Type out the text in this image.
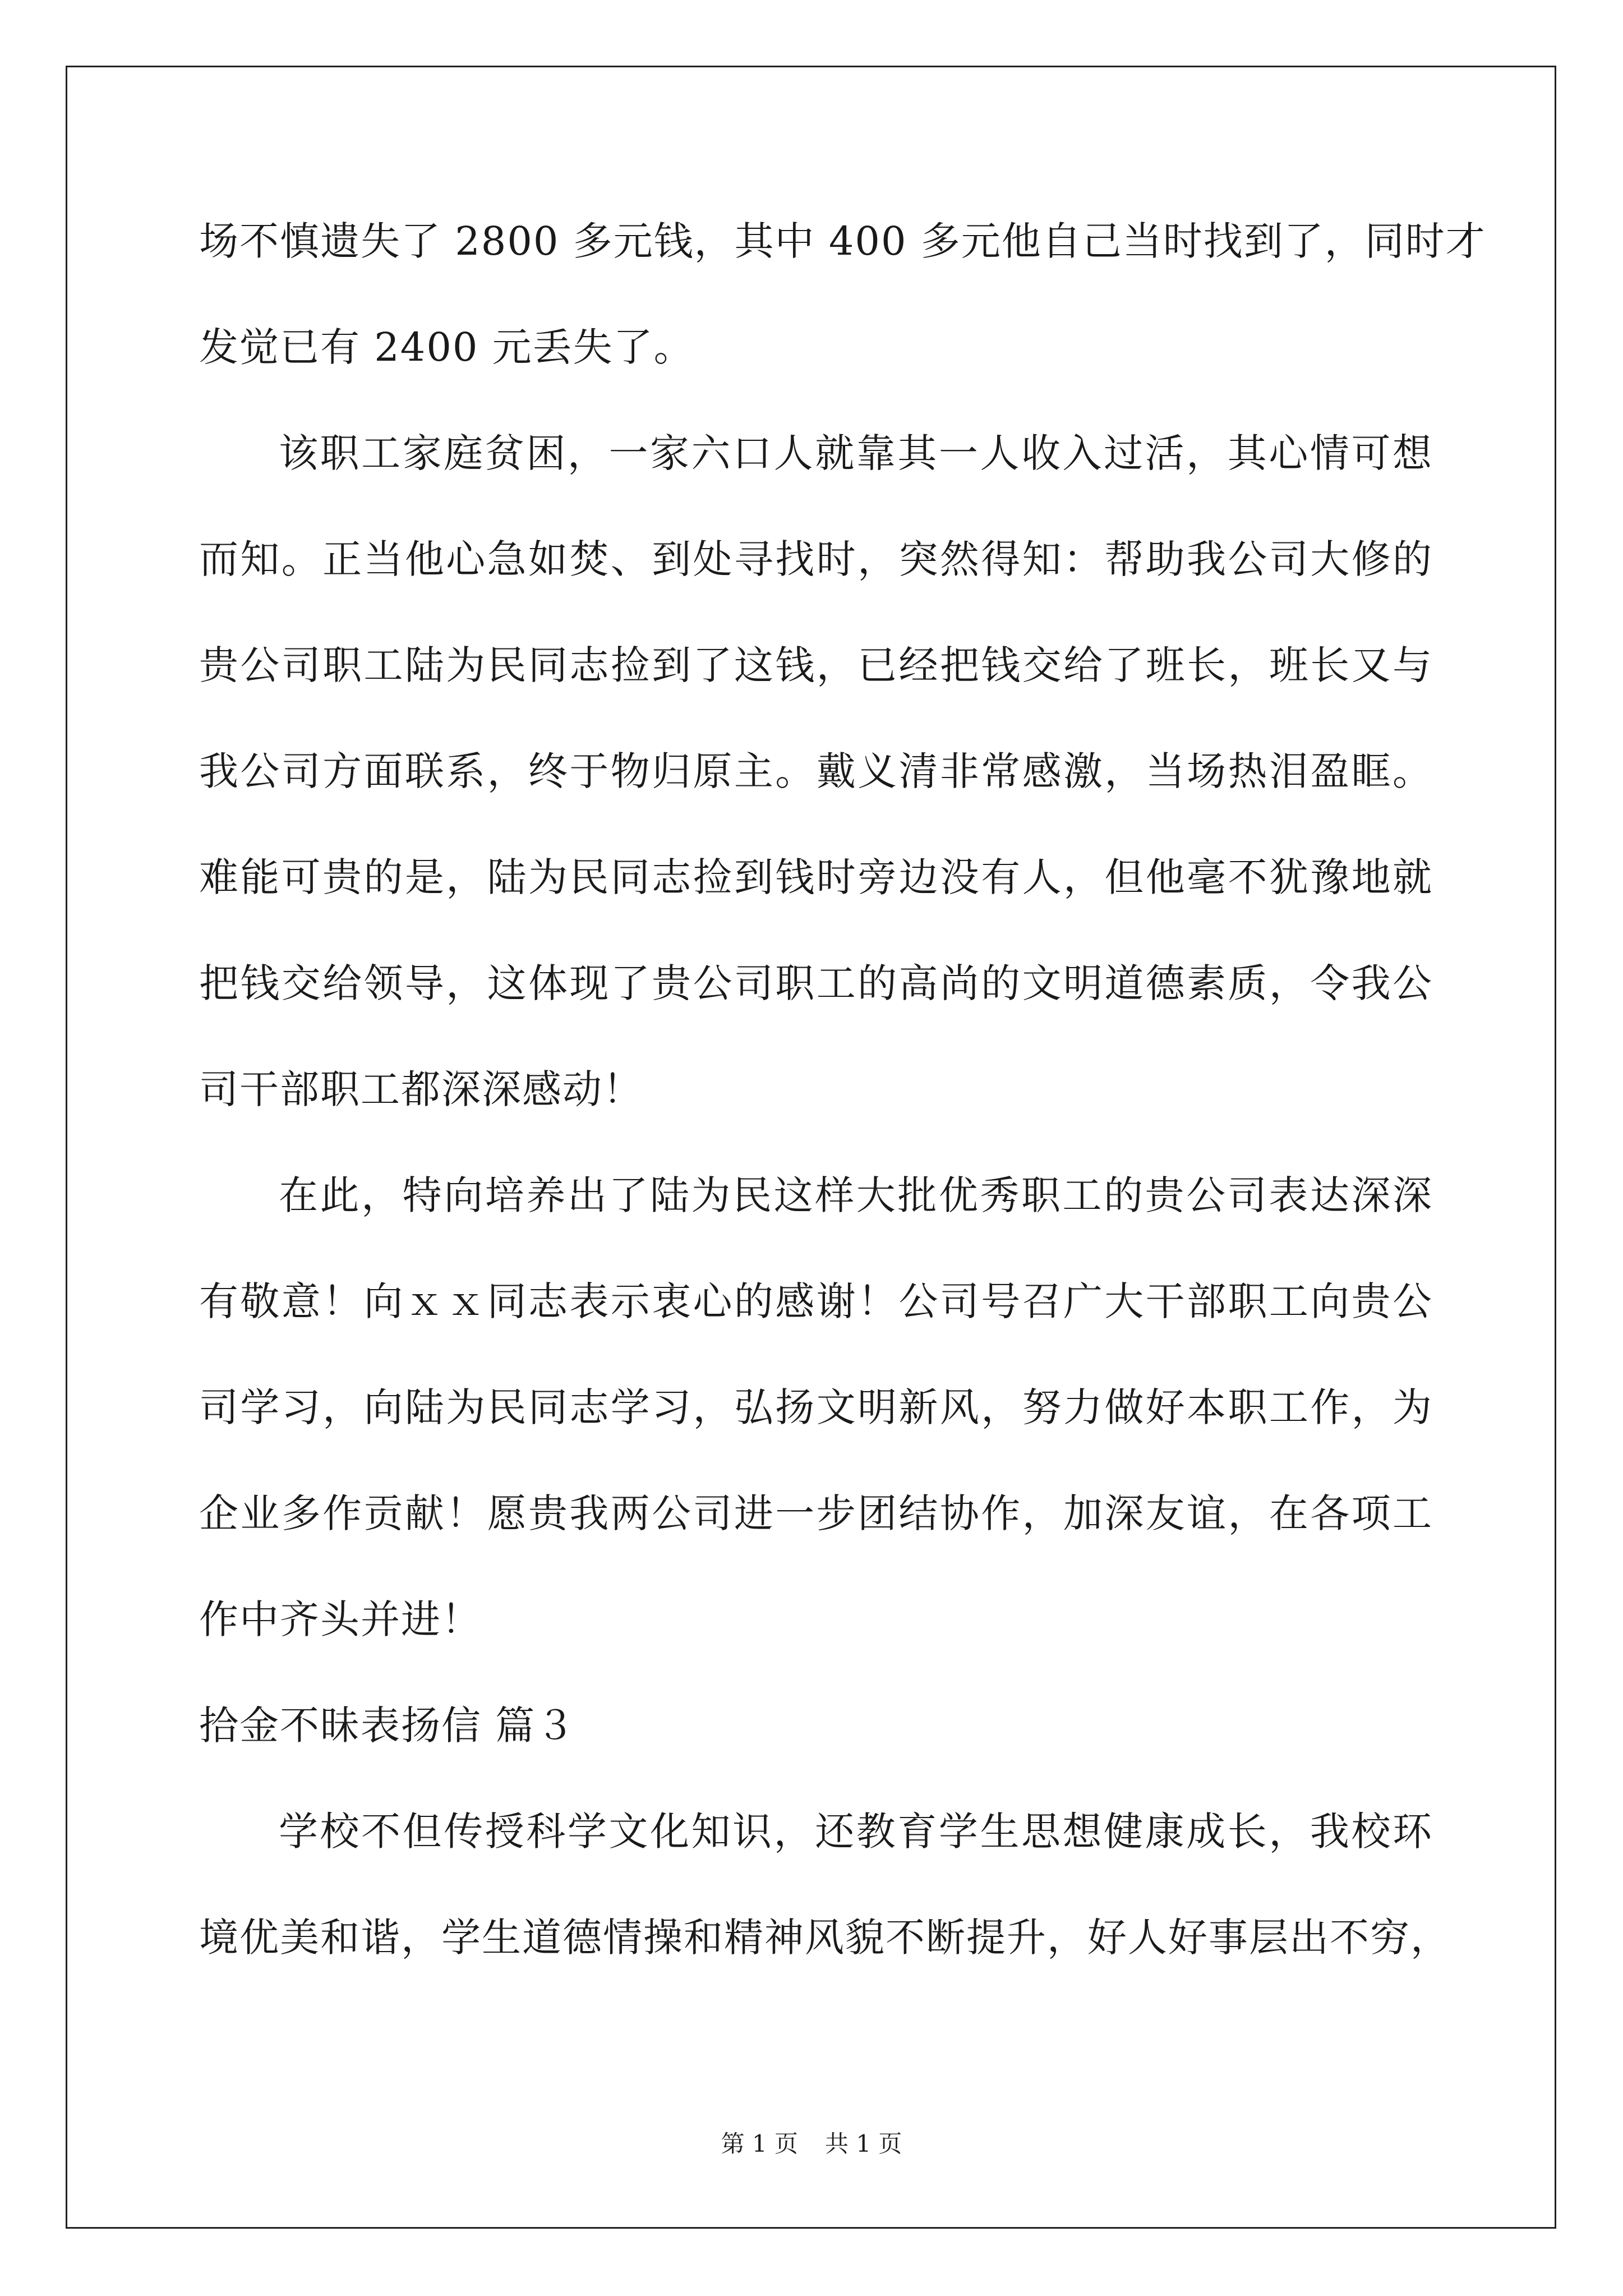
场不慎遗失了 2800 多元钱，其中 400 多元他自己当时找到了，同时才
发觉已有 2400 元丢失了。
该职工家庭贫困，一家六口人就靠其一人收入过活，其心情可想
而知。正当他心急如焚、到处寻找时，突然得知：帮助我公司大修的
贵公司职工陆为民同志捡到了这钱，已经把钱交给了班长，班长又与
我公司方面联系，终于物归原主。戴义清非常感激，当场热泪盈眶。
难能可贵的是，陆为民同志捡到钱时旁边没有人，但他毫不犹豫地就
把钱交给领导，这体现了贵公司职工的高尚的文明道德素质，令我公
司干部职工都深深感动！
在此，特向培养出了陆为民这样大批优秀职工的贵公司表达深深
有敬意！向ｘｘ同志表示衷心的感谢！公司号召广大干部职工向贵公
司学习，向陆为民同志学习，弘扬文明新风，努力做好本职工作，为
企业多作贡献！愿贵我两公司进一步团结协作，加深友谊，在各项工
作中齐头并进！
拾金不昧表扬信 篇３
学校不但传授科学文化知识，还教育学生思想健康成长，我校环
境优美和谐，学生道德情操和精神风貌不断提升，好人好事层出不穷，
第 1 页 共 1 页
